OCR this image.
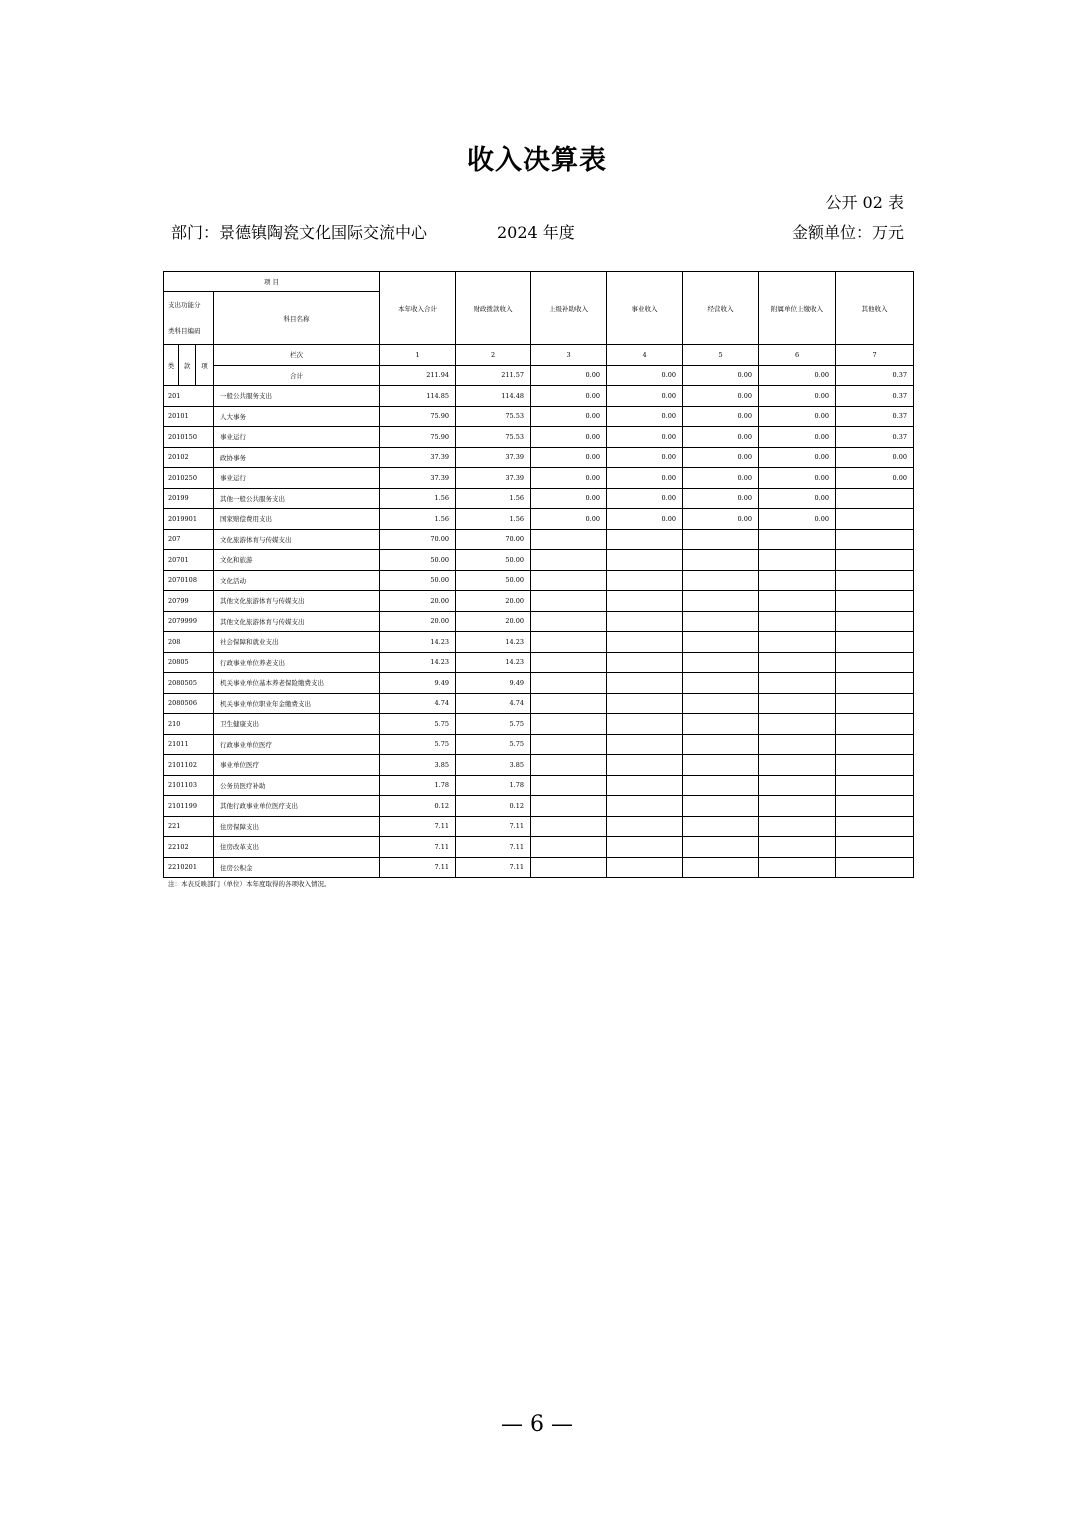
收入决算表
公开 02 表
部门：景德镇陶瓷文化国际交流中心	2024 年度	金额单位：万元
项 目				本年收入合计	财政拨款收入	上级补助收入	事业收入	经营收入	附属单位上缴收入	其他收入

支出功能分
类科目编码			科目名称							
类	款	项	栏次	1	2	3	4	5	6	7
			合计	211.94	211.57	0.00	0.00	0.00	0.00	0.37
201			一般公共服务支出	114.85	114.48	0.00	0.00	0.00	0.00	0.37
20101			人大事务	75.90	75.53	0.00	0.00	0.00	0.00	0.37
2010150			事业运行	75.90	75.53	0.00	0.00	0.00	0.00	0.37
20102			政协事务	37.39	37.39	0.00	0.00	0.00	0.00	0.00
2010250			事业运行	37.39	37.39	0.00	0.00	0.00	0.00	0.00
20199			其他一般公共服务支出	1.56	1.56	0.00	0.00	0.00	0.00	
2019901			国家赔偿费用支出	1.56	1.56	0.00	0.00	0.00	0.00	
207			文化旅游体育与传媒支出	70.00	70.00					
20701			文化和旅游	50.00	50.00					
2070108			文化活动	50.00	50.00					
20799			其他文化旅游体育与传媒支出	20.00	20.00					
2079999			其他文化旅游体育与传媒支出	20.00	20.00					
208			社会保障和就业支出	14.23	14.23					
20805			行政事业单位养老支出	14.23	14.23					
2080505			机关事业单位基本养老保险缴费支出	9.49	9.49					
2080506			机关事业单位职业年金缴费支出	4.74	4.74					
210			卫生健康支出	5.75	5.75					
21011			行政事业单位医疗	5.75	5.75					
2101102			事业单位医疗	3.85	3.85					
2101103			公务员医疗补助	1.78	1.78					
2101199			其他行政事业单位医疗支出	0.12	0.12					
221			住房保障支出	7.11	7.11					
22102			住房改革支出	7.11	7.11					
2210201			住房公积金	7.11	7.11					
注：本表反映部门（单位）本年度取得的各项收入情况。
— 6 —
